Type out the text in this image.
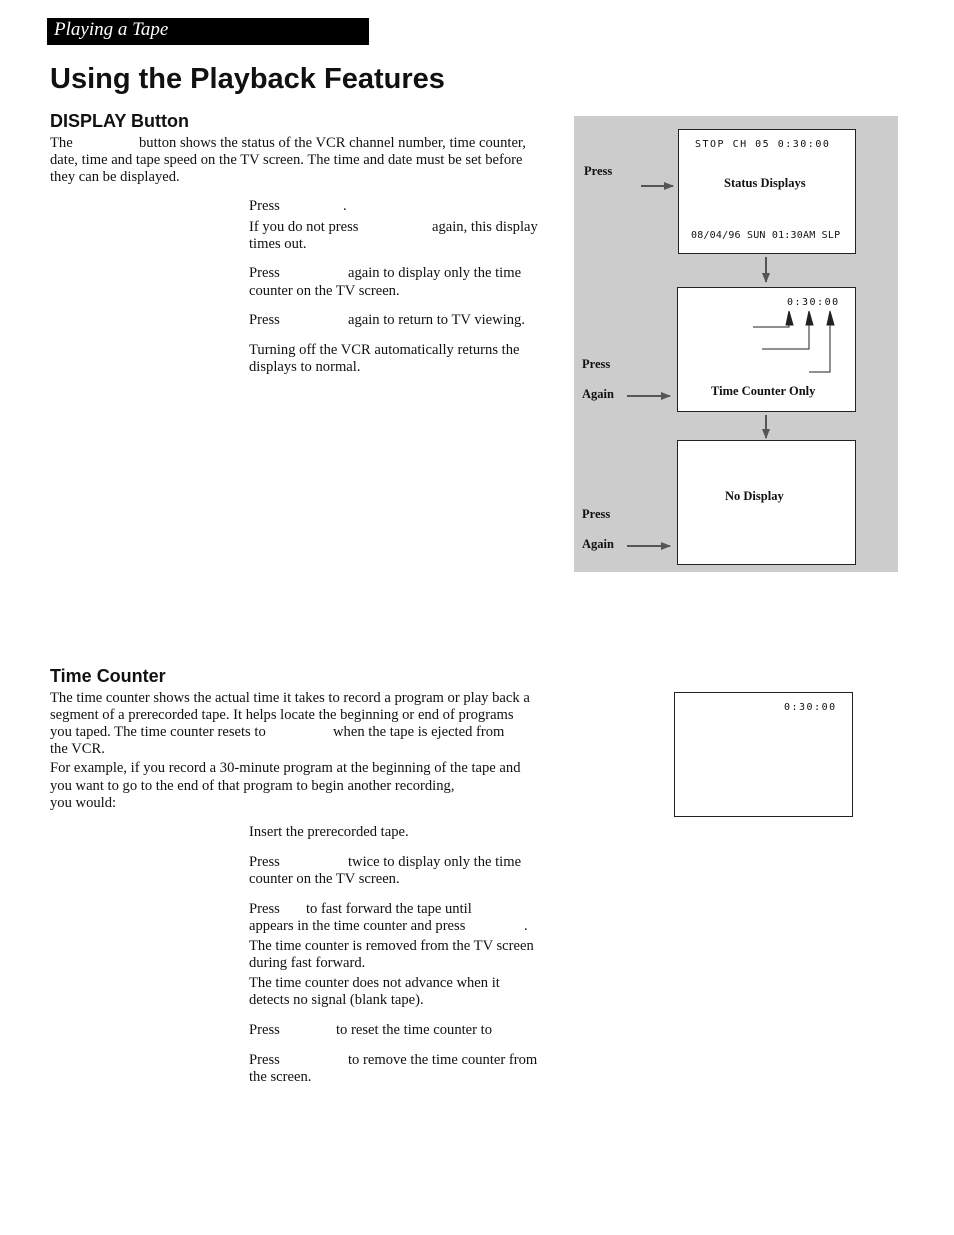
Playing a Tape
Using the Playback Features
DISPLAY Button
The	button shows the status of the VCR channel number, time counter,
date, time and tape speed on the TV screen. The time and date must be set before
they can be displayed.
Press	.
If you do not press	again, this display
times out.
Press	again to display only the time
counter on the TV screen.
Press	again to return to TV viewing.
Turning off the VCR automatically returns the
displays to normal.
STOP CH 05 0:30:00
Status Displays
08/04/96 SUN 01:30AM SLP
0:30:00
Time Counter Only
No Display
Press
Press
Again
Press
Again
Time Counter
The time counter shows the actual time it takes to record a program or play back a
segment of a prerecorded tape. It helps locate the beginning or end of programs
you taped. The time counter resets to	when the tape is ejected from
the VCR.
For example, if you record a 30-minute program at the beginning of the tape and
you want to go to the end of that program to begin another recording,
you would:
0:30:00
Insert the prerecorded tape.
Press	twice to display only the time
counter on the TV screen.
Press to fast forward the tape until
appears in the time counter and press	.
The time counter is removed from the TV screen
during fast forward.
The time counter does not advance when it
detects no signal (blank tape).
Press	to reset the time counter to
Press	to remove the time counter from
the screen.
